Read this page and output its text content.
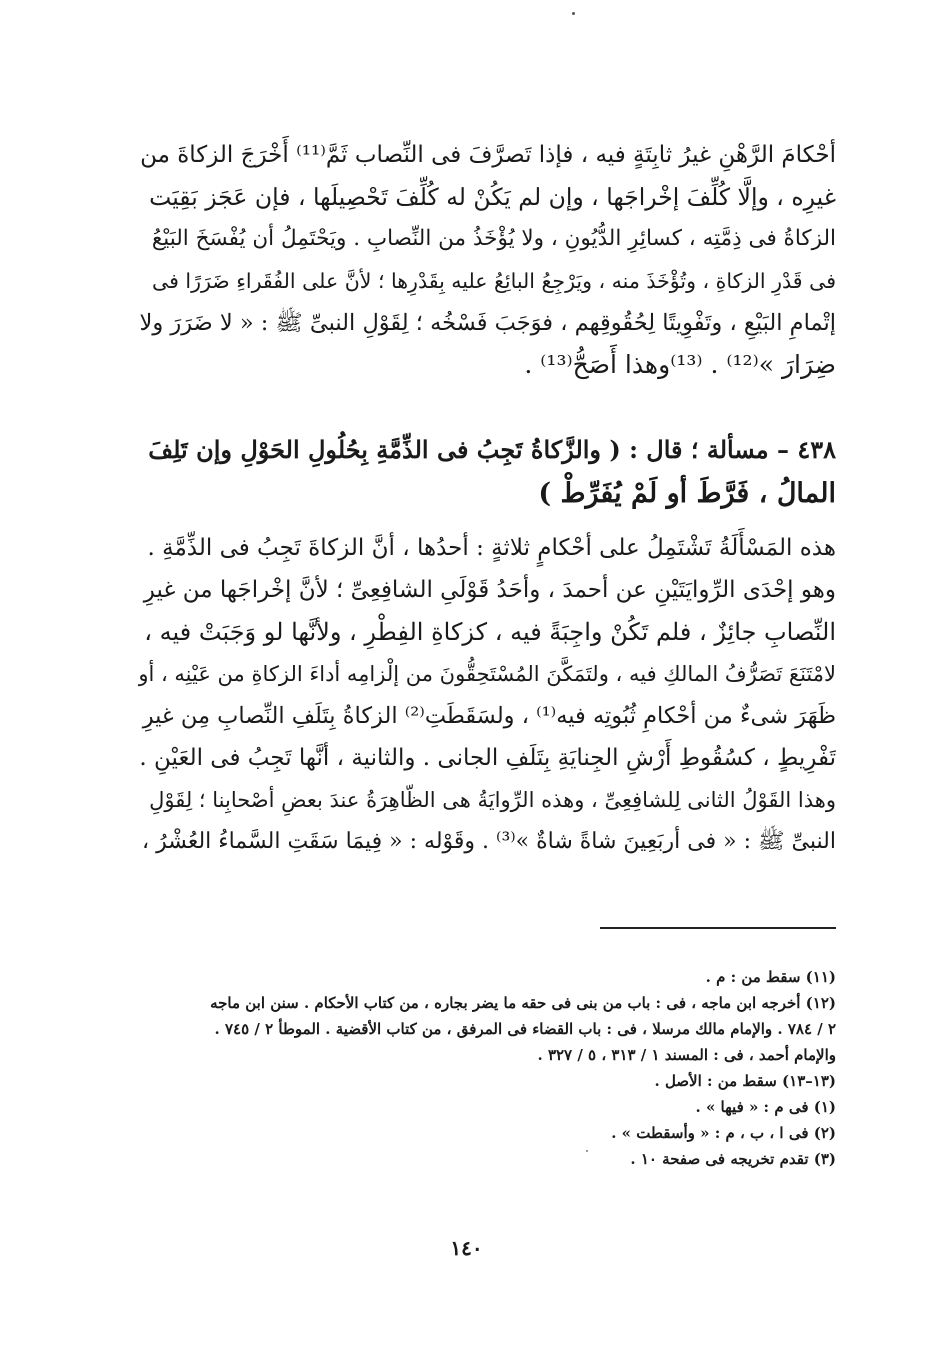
أحْكامَ الرَّهْنِ غيرُ ثابِتَةٍ فيه ، فإذا تَصرَّفَ فى النِّصاب ثَمَّ⁽¹¹⁾ أَخْرَجَ الزكاةَ من
غيرِه ، وإلَّا كُلِّفَ إخْراجَها ، وإن لم يَكُنْ له كُلِّفَ تَحْصِيلَها ، فإن عَجَز بَقِيَت
الزكاةُ فى ذِمَّتِه ، كسائِرِ الدُّيُونِ ، ولا يُؤْخَذُ من النِّصابِ . ويَحْتَمِلُ أن يُفْسَخَ البَيْعُ
فى قَدْرِ الزكاةِ ، وتُؤْخَذَ منه ، ويَرْجِعُ البائِعُ عليه بِقَدْرِها ؛ لأنَّ على الفُقَراءِ ضَرَرًا فى
إتْمامِ البَيْعِ ، وتَفْوِيتًا لِحُقُوقِهم ، فوَجَبَ فَسْخُه ؛ لِقَوْلِ النبىِّ ﷺ : « لا ضَرَرَ ولا
ضِرَارَ »⁽¹²⁾ . ⁽¹³⁾وهذا أَصَحُّ⁽¹³⁾ .
٤٣٨ – مسألة ؛ قال : ( والزَّكاةُ تَجِبُ فى الذِّمَّةِ بِحُلُولِ الحَوْلِ وإن تَلِفَ
المالُ ، فَرَّطَ أو لَمْ يُفَرِّطْ )
هذه المَسْأَلَةُ تَشْتَمِلُ على أحْكامٍ ثلاثةٍ : أحدُها ، أنَّ الزكاةَ تَجِبُ فى الذِّمَّةِ .
وهو إحْدَى الرِّوايَتَيْنِ عن أحمدَ ، وأحَدُ قَوْلَىِ الشافِعِىِّ ؛ لأنَّ إخْراجَها من غيرِ
النِّصابِ جائِزٌ ، فلم تَكُنْ واجِبَةً فيه ، كزكاةِ الفِطْرِ ، ولأنَّها لو وَجَبَتْ فيه ،
لامْتَنَعَ تَصَرُّفُ المالكِ فيه ، ولتَمَكَّنَ المُسْتَحِقُّونَ من إلْزامِه أداءَ الزكاةِ من عَيْنِه ، أو
ظَهَرَ شىءٌ من أحْكامِ ثُبُوتِه فيه⁽¹⁾ ، ولسَقَطَتِ⁽²⁾ الزكاةُ بِتَلَفِ النِّصابِ مِن غيرِ
تَفْرِيطٍ ، كسُقُوطِ أَرْشِ الجِنايَةِ بِتَلَفِ الجانى . والثانية ، أنَّها تَجِبُ فى العَيْنِ .
وهذا القَوْلُ الثانى لِلشافِعِىِّ ، وهذه الرِّوايَةُ هى الظّاهِرَةُ عندَ بعضِ أصْحابِنا ؛ لِقَوْلِ
النبىِّ ﷺ : « فى أربَعِينَ شاةً شاةٌ »⁽³⁾ . وقَوْله : « فِيمَا سَقَتِ السَّماءُ العُشْرُ ،
(١١) سقط من : م .
(١٢) أخرجه ابن ماجه ، فى : باب من بنى فى حقه ما يضر بجاره ، من كتاب الأحكام . سنن ابن ماجه
٢ / ٧٨٤ . والإمام مالك مرسلا ، فى : باب القضاء فى المرفق ، من كتاب الأقضية . الموطأ ٢ / ٧٤٥ .
والإمام أحمد ، فى : المسند ١ / ٣١٣ ، ٥ / ٣٢٧ .
(١٣–١٣) سقط من : الأصل .
(١) فى م : « فيها » .
(٢) فى ا ، ب ، م : « وأسقطت » .
(٣) تقدم تخريجه فى صفحة ١٠ .
١٤٠
